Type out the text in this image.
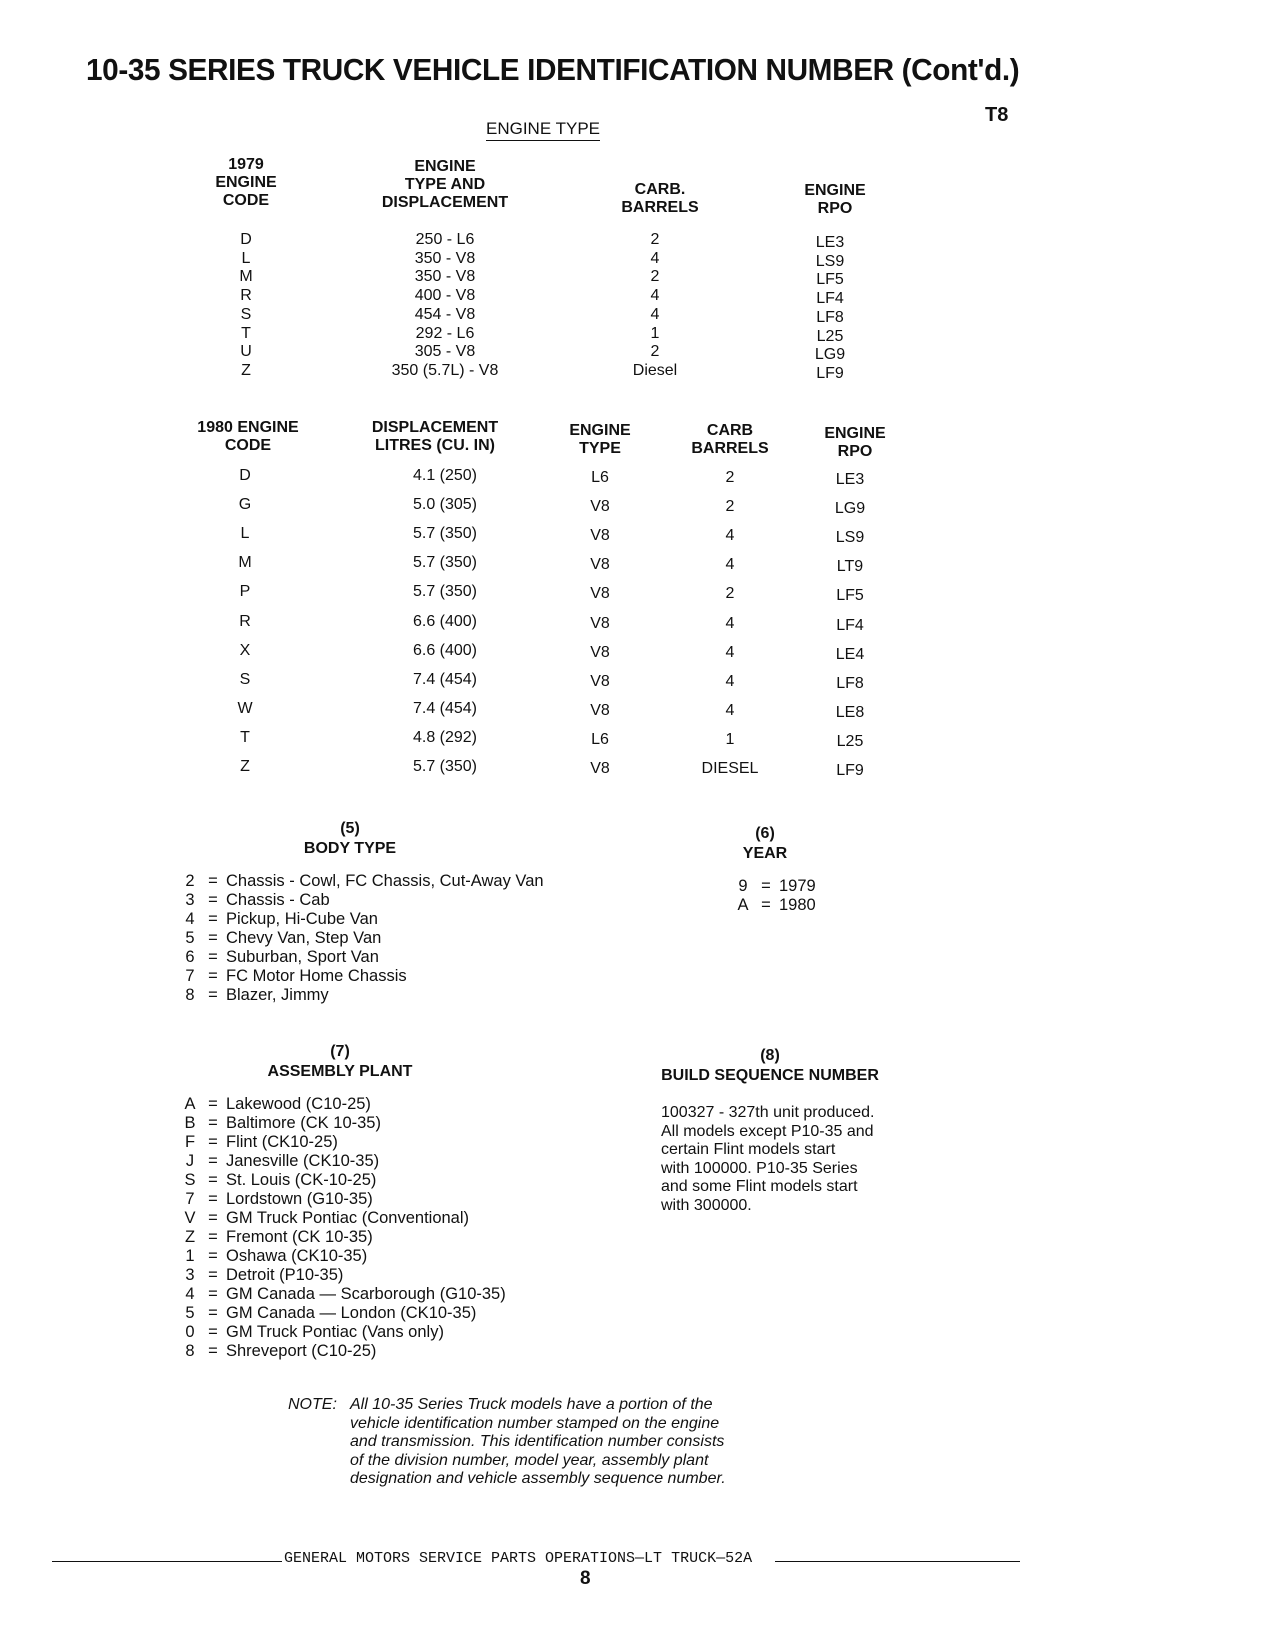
10-35 SERIES TRUCK VEHICLE IDENTIFICATION NUMBER (Cont'd.)
T8
ENGINE TYPE
1979
ENGINE
CODE
ENGINE
TYPE AND
DISPLACEMENT
CARB.
BARRELS
ENGINE
RPO
D	250 - L6	2	LE3
L	350 - V8	4	LS9
M	350 - V8	2	LF5
R	400 - V8	4	LF4
S	454 - V8	4	LF8
T	292 - L6	1	L25
U	305 - V8	2	LG9
Z	350 (5.7L) - V8	Diesel	LF9
1980 ENGINE
CODE
DISPLACEMENT
LITRES (CU. IN)
ENGINE
TYPE
CARB
BARRELS
ENGINE
RPO
D	4.1 (250)	L6	2	LE3
G	5.0 (305)	V8	2	LG9
L	5.7 (350)	V8	4	LS9
M	5.7 (350)	V8	4	LT9
P	5.7 (350)	V8	2	LF5
R	6.6 (400)	V8	4	LF4
X	6.6 (400)	V8	4	LE4
S	7.4 (454)	V8	4	LF8
W	7.4 (454)	V8	4	LE8
T	4.8 (292)	L6	1	L25
Z	5.7 (350)	V8	DIESEL	LF9
(5)
BODY TYPE
2 = Chassis - Cowl, FC Chassis, Cut-Away Van
3 = Chassis - Cab
4 = Pickup, Hi-Cube Van
5 = Chevy Van, Step Van
6 = Suburban, Sport Van
7 = FC Motor Home Chassis
8 = Blazer, Jimmy
(6)
YEAR
9 = 1979
A = 1980
(7)
ASSEMBLY PLANT
A = Lakewood (C10-25)
B = Baltimore (CK 10-35)
F = Flint (CK10-25)
J = Janesville (CK10-35)
S = St. Louis (CK-10-25)
7 = Lordstown (G10-35)
V = GM Truck Pontiac (Conventional)
Z = Fremont (CK 10-35)
1 = Oshawa (CK10-35)
3 = Detroit (P10-35)
4 = GM Canada — Scarborough (G10-35)
5 = GM Canada — London (CK10-35)
0 = GM Truck Pontiac (Vans only)
8 = Shreveport (C10-25)
(8)
BUILD SEQUENCE NUMBER
100327 - 327th unit produced.
All models except P10-35 and
certain Flint models start
with 100000. P10-35 Series
and some Flint models start
with 300000.
NOTE: All 10-35 Series Truck models have a portion of the
vehicle identification number stamped on the engine
and transmission. This identification number consists
of the division number, model year, assembly plant
designation and vehicle assembly sequence number.
GENERAL MOTORS SERVICE PARTS OPERATIONS—LT TRUCK—52A
8
